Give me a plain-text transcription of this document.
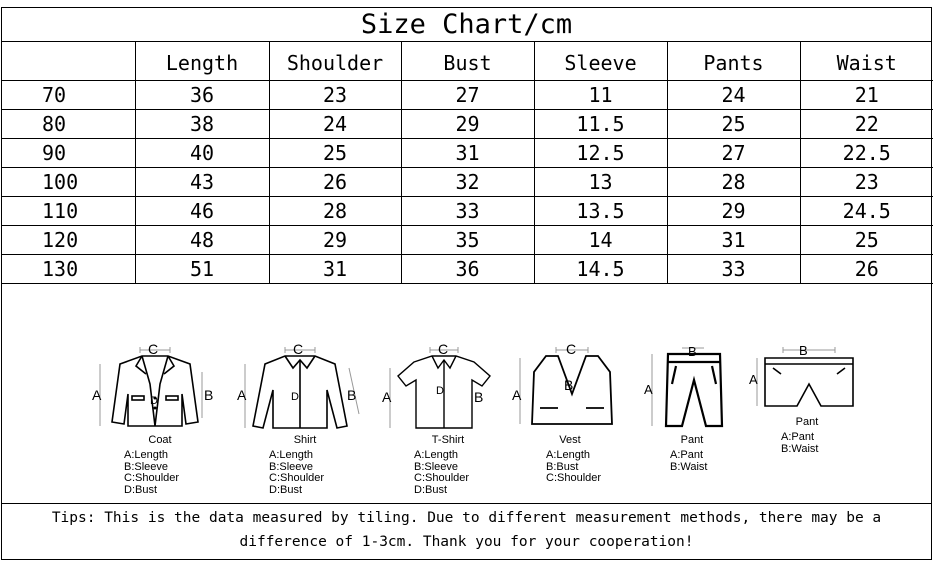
Size Chart/cm
	Length	Shoulder	Bust	Sleeve	Pants	Waist
70	36	23	27	11	24	21
80	38	24	29	11.5	25	22
90	40	25	31	12.5	27	22.5
100	43	26	32	13	28	23
110	46	28	33	13.5	29	24.5
120	48	29	35	14	31	25
130	51	31	36	14.5	33	26
C
A	B
D
Coat
A:Length
B:Sleeve
C:Shoulder
D:Bust
C
A	B
D
Shirt
A:Length
B:Sleeve
C:Shoulder
D:Bust
C
A	B
D
T-Shirt
A:Length
B:Sleeve
C:Shoulder
D:Bust
C
A
B
Vest
A:Length
B:Bust
C:Shoulder
B
A
Pant
A:Pant
B:Waist
B
A
Pant
A:Pant
B:Waist
Tips: This is the data measured by tiling. Due to different measurement methods, there may be a
difference of 1-3cm. Thank you for your cooperation!
